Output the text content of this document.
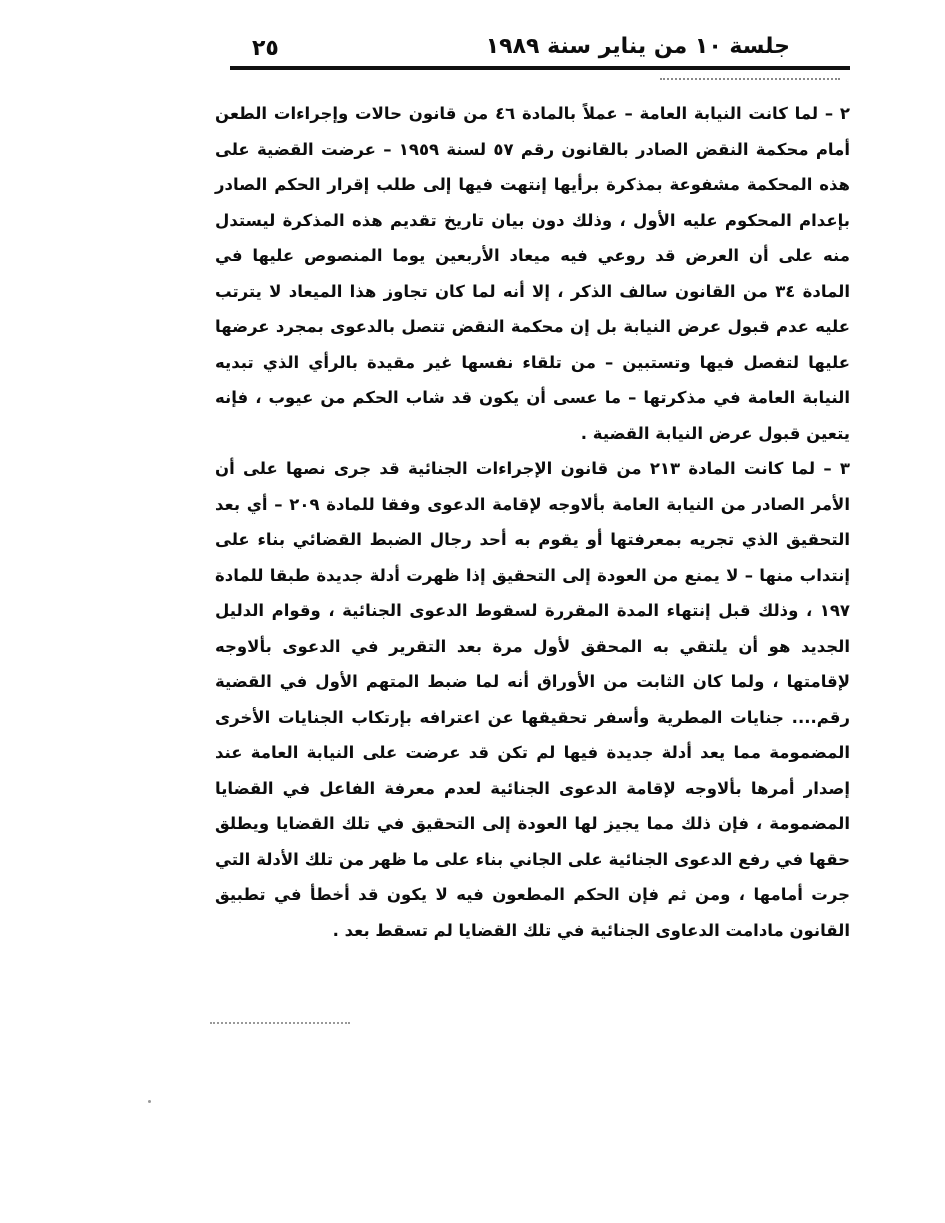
جلسة ١٠ من يناير سنة ١٩٨٩
٢٥

٢ – لما كانت النيابة العامة – عملاً بالمادة ٤٦ من قانون حالات وإجراءات الطعن أمام محكمة النقض الصادر بالقانون رقم ٥٧ لسنة ١٩٥٩ – عرضت القضية على هذه المحكمة مشفوعة بمذكرة برأيها إنتهت فيها إلى طلب إقرار الحكم الصادر بإعدام المحكوم عليه الأول ، وذلك دون بيان تاريخ تقديم هذه المذكرة ليستدل منه على أن العرض قد روعي فيه ميعاد الأربعين يوما المنصوص عليها في المادة ٣٤ من القانون سالف الذكر ، إلا أنه لما كان تجاوز هذا الميعاد لا يترتب عليه عدم قبول عرض النيابة بل إن محكمة النقض تتصل بالدعوى بمجرد عرضها عليها لتفصل فيها وتستبين – من تلقاء نفسها غير مقيدة بالرأي الذي تبديه النيابة العامة في مذكرتها – ما عسى أن يكون قد شاب الحكم من عيوب ، فإنه يتعين قبول عرض النيابة القضية .

٣ – لما كانت المادة ٢١٣ من قانون الإجراءات الجنائية قد جرى نصها على أن الأمر الصادر من النيابة العامة بألاوجه لإقامة الدعوى وفقا للمادة ٢٠٩ – أي بعد التحقيق الذي تجريه بمعرفتها أو يقوم به أحد رجال الضبط القضائي بناء على إنتداب منها – لا يمنع من العودة إلى التحقيق إذا ظهرت أدلة جديدة طبقا للمادة ١٩٧ ، وذلك قبل إنتهاء المدة المقررة لسقوط الدعوى الجنائية ، وقوام الدليل الجديد هو أن يلتقي به المحقق لأول مرة بعد التقرير في الدعوى بألاوجه لإقامتها ، ولما كان الثابت من الأوراق أنه لما ضبط المتهم الأول في القضية رقم.... جنايات المطرية وأسفر تحقيقها عن اعترافه بإرتكاب الجنايات الأخرى المضمومة مما يعد أدلة جديدة فيها لم تكن قد عرضت على النيابة العامة عند إصدار أمرها بألاوجه لإقامة الدعوى الجنائية لعدم معرفة الفاعل في القضايا المضمومة ، فإن ذلك مما يجيز لها العودة إلى التحقيق في تلك القضايا ويطلق حقها في رفع الدعوى الجنائية على الجاني بناء على ما ظهر من تلك الأدلة التي جرت أمامها ، ومن ثم فإن الحكم المطعون فيه لا يكون قد أخطأ في تطبيق القانون مادامت الدعاوى الجنائية في تلك القضايا لم تسقط بعد .
